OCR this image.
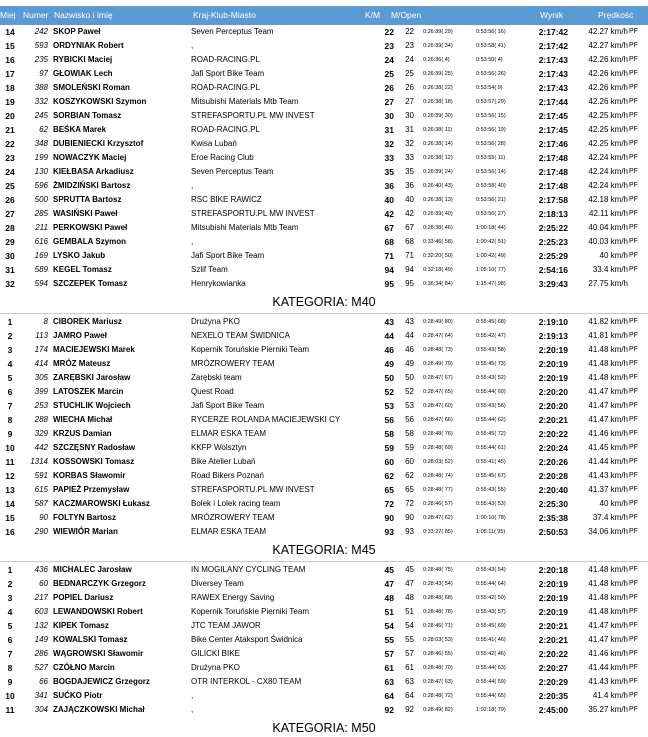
Miej Numer Nazwisko i imię	Kraj-Klub-Miasto	K/M M/Open	Wynik	Prędkość
14	242 SKOP Paweł	Seven Perceptus Team	22	22 0:26:39( 29)	0:53:56( 16)	2:17:42	42.27 km/h PF
15	593 ORDYNIAK Robert	,	23	23 0:26:39( 34)	0:53:58( 41)	2:17:42	42.27 km/h PF
16	235 RYBICKI Maciej	ROAD-RACING.PL	24	24 0:26:36( 4)	0:53:50( 4)	2:17:43	42.26 km/h PF
17	97 GŁOWIAK Lech	Jafi Sport Bike Team	25	25 0:26:39( 25)	0:53:56( 26)	2:17:43	42.26 km/h PF
18	388 SMOLEŃSKI Roman	ROAD-RACING.PL	26	26 0:26:38( 22)	0:53:54( 9)	2:17:43	42.26 km/h PF
19	332 KOSZYKOWSKI Szymon	Mitsubishi Materials Mtb Team	27	27 0:26:38( 18)	0:53:57( 29)	2:17:44	42.26 km/h PF
20	245 SORBIAN Tomasz	STREFASPORTU.PL MW INVEST	30	30 0:26:39( 30)	0:53:56( 15)	2:17:45	42.25 km/h PF
21	62 BEŚKA Marek	ROAD-RACING.PL	31	31 0:26:38( 11)	0:53:56( 19)	2:17:45	42.25 km/h PF
22	348 DUBIENIECKI Krzysztof	Kwisa Lubań	32	32 0:26:38( 14)	0:53:56( 28)	2:17:46	42.25 km/h PF
23	199 NOWACZYK Maciej	Eroe Racing Club	33	33 0:26:38( 12)	0:53:55( 11)	2:17:48	42.24 km/h PF
24	130 KIEŁBASA Arkadiusz	Seven Perceptus Team	35	35 0:26:39( 24)	0:53:56( 14)	2:17:48	42.24 km/h PF
25	596 ŻMIDZIŃSKI Bartosz	,	36	36 0:26:40( 43)	0:53:58( 40)	2:17:48	42.24 km/h PF
26	500 SPRUTTA Bartosz	RSC BIKE RAWICZ	40	40 0:26:38( 13)	0:53:56( 21)	2:17:58	42.18 km/h PF
27	285 WASIŃSKI Paweł	STREFASPORTU.PL MW INVEST	42	42 0:26:39( 40)	0:53:56( 27)	2:18:13	42.11 km/h PF
28	211 PERKOWSKI Paweł	Mitsubishi Materials Mtb Team	67	67 0:28:38( 46)	1:00:18( 44)	2:25:22	40.04 km/h PF
29	616 GEMBALA Szymon	,	68	68 0:33:46( 58)	1:00:42( 51)	2:25:23	40.03 km/h PF
30	169 LYSKO Jakub	Jafi Sport Bike Team	71	71 0:32:20( 50)	1:00:42( 49)	2:25:29	40 km/h PF
31	589 KEGEL Tomasz	Szlif Team	94	94 0:32:18( 49)	1:05:10( 77)	2:54:16	33.4 km/h PF
32	594 SZCZEPEK Tomasz	Henrykowianka	95	95 0:36:34( 84)	1:15:47( 98)	3:29:43	27.75 km/h
KATEGORIA: M40
1	8 CIBOREK Mariusz	Drużyna PKO	43	43 0:28:49( 80)	0:55:45( 68)	2:19:10	41.82 km/h PF
2	113 JAMRO Paweł	NEXELO TEAM ŚWIDNICA	44	44 0:28:47( 64)	0:55:42( 47)	2:19:13	41.81 km/h PF
3	174 MACIEJEWSKI Marek	Kopernik Toruńskie Pierniki Team	46	46 0:28:48( 73)	0:55:43( 58)	2:20:19	41.48 km/h PF
4	414 MRÓZ Mateusz	MRÓZROWERY TEAM	49	49 0:28:49( 79)	0:55:45( 73)	2:20:19	41.48 km/h PF
5	305 ZARĘBSKI Jarosław	Zarębski team	50	50 0:28:47( 67)	0:55:43( 52)	2:20:19	41.48 km/h PF
6	399 LATOSZEK Marcin	Quest Road	52	52 0:28:47( 65)	0:55:44( 60)	2:20:20	41.47 km/h PF
7	253 STUCHLIK Wojciech	Jafi Sport Bike Team	53	53 0:28:47( 60)	0:55:43( 56)	2:20:20	41.47 km/h PF
8	288 WIECHA Michał	RYCERZE ROLANDA MACIEJEWSKI CY	56	56 0:28:47( 66)	0:55:44( 62)	2:20:21	41.47 km/h PF
9	329 KRZUS Damian	ELMAR ESKA TEAM	58	58 0:28:48( 76)	0:55:45( 72)	2:20:22	41.46 km/h PF
10	442 SZCZĘSNY Radosław	KKFP Wolsztyn	59	59 0:28:48( 69)	0:55:44( 61)	2:20:24	41.45 km/h PF
11	1314 KOSSOWSKI Tomasz	Bike Atelier Lubań	60	60 0:28:03( 52)	0:55:41( 45)	2:20:26	41.44 km/h PF
12	591 KORBAS Sławomir	Road Bikers Poznań	62	62 0:28:48( 74)	0:55:45( 67)	2:20:28	41.43 km/h PF
13	615 PAPIEŻ Przemysław	STREFASPORTU.PL MW INVEST	65	65 0:28:48( 77)	0:55:43( 55)	2:20:40	41.37 km/h PF
14	587 KACZMAROWSKI Łukasz	Bolek i Lolek racing team	72	72 0:28:46( 57)	0:55:43( 53)	2:25:30	40 km/h PF
15	90 FOLTYN Bartosz	MRÓZROWERY TEAM	90	90 0:28:47( 62)	1:00:10( 78)	2:35:38	37.4 km/h PF
16	290 WIEWIÓR Marian	ELMAR ESKA TEAM	93	93 0:33:27( 85)	1:05:11( 95)	2:50:53	34.06 km/h PF
KATEGORIA: M45
1	436 MICHALEC Jarosław	IN MOGILANY CYCLING TEAM	45	45 0:28:48( 75)	0:55:43( 54)	2:20:18	41.48 km/h PF
2	60 BEDNARCZYK Grzegorz	Diversey Team	47	47 0:28:43( 54)	0:55:44( 64)	2:20:19	41.48 km/h PF
3	217 POPIEL Dariusz	RAWEX Energy Saving	48	48 0:28:48( 68)	0:55:42( 50)	2:20:19	41.48 km/h PF
4	603 LEWANDOWSKI Robert	Kopernik Toruńskie Pierniki Team	51	51 0:28:48( 78)	0:55:43( 57)	2:20:19	41.48 km/h PF
5	132 KIPEK Tomasz	JTC TEAM JAWOR	54	54 0:28:46( 71)	0:55:45( 69)	2:20:21	41.47 km/h PF
6	149 KOWALSKI Tomasz	Bike Center Ataksport Świdnica	55	55 0:28:03( 53)	0:55:41( 46)	2:20:21	41.47 km/h PF
7	286 WĄGROWSKI Sławomir	GILICKI BIKE	57	57 0:28:46( 55)	0:55:42( 46)	2:20:22	41.46 km/h PF
8	527 CZÓŁNO Marcin	Drużyna PKO	61	61 0:28:48( 70)	0:55:44( 63)	2:20:27	41.44 km/h PF
9	66 BOGDAJEWICZ Grzegorz	OTR INTERKOL - CX80 TEAM	63	63 0:28:47( 63)	0:55:44( 59)	2:20:29	41.43 km/h PF
10	341 SUĆKO Piotr	,	64	64 0:28:48( 72)	0:55:44( 65)	2:20:35	41.4 km/h PF
11	304 ZAJĄCZKOWSKI Michał	,	92	92 0:28:49( 82)	1:02:18( 79)	2:45:00	35.27 km/h PF
KATEGORIA: M50
